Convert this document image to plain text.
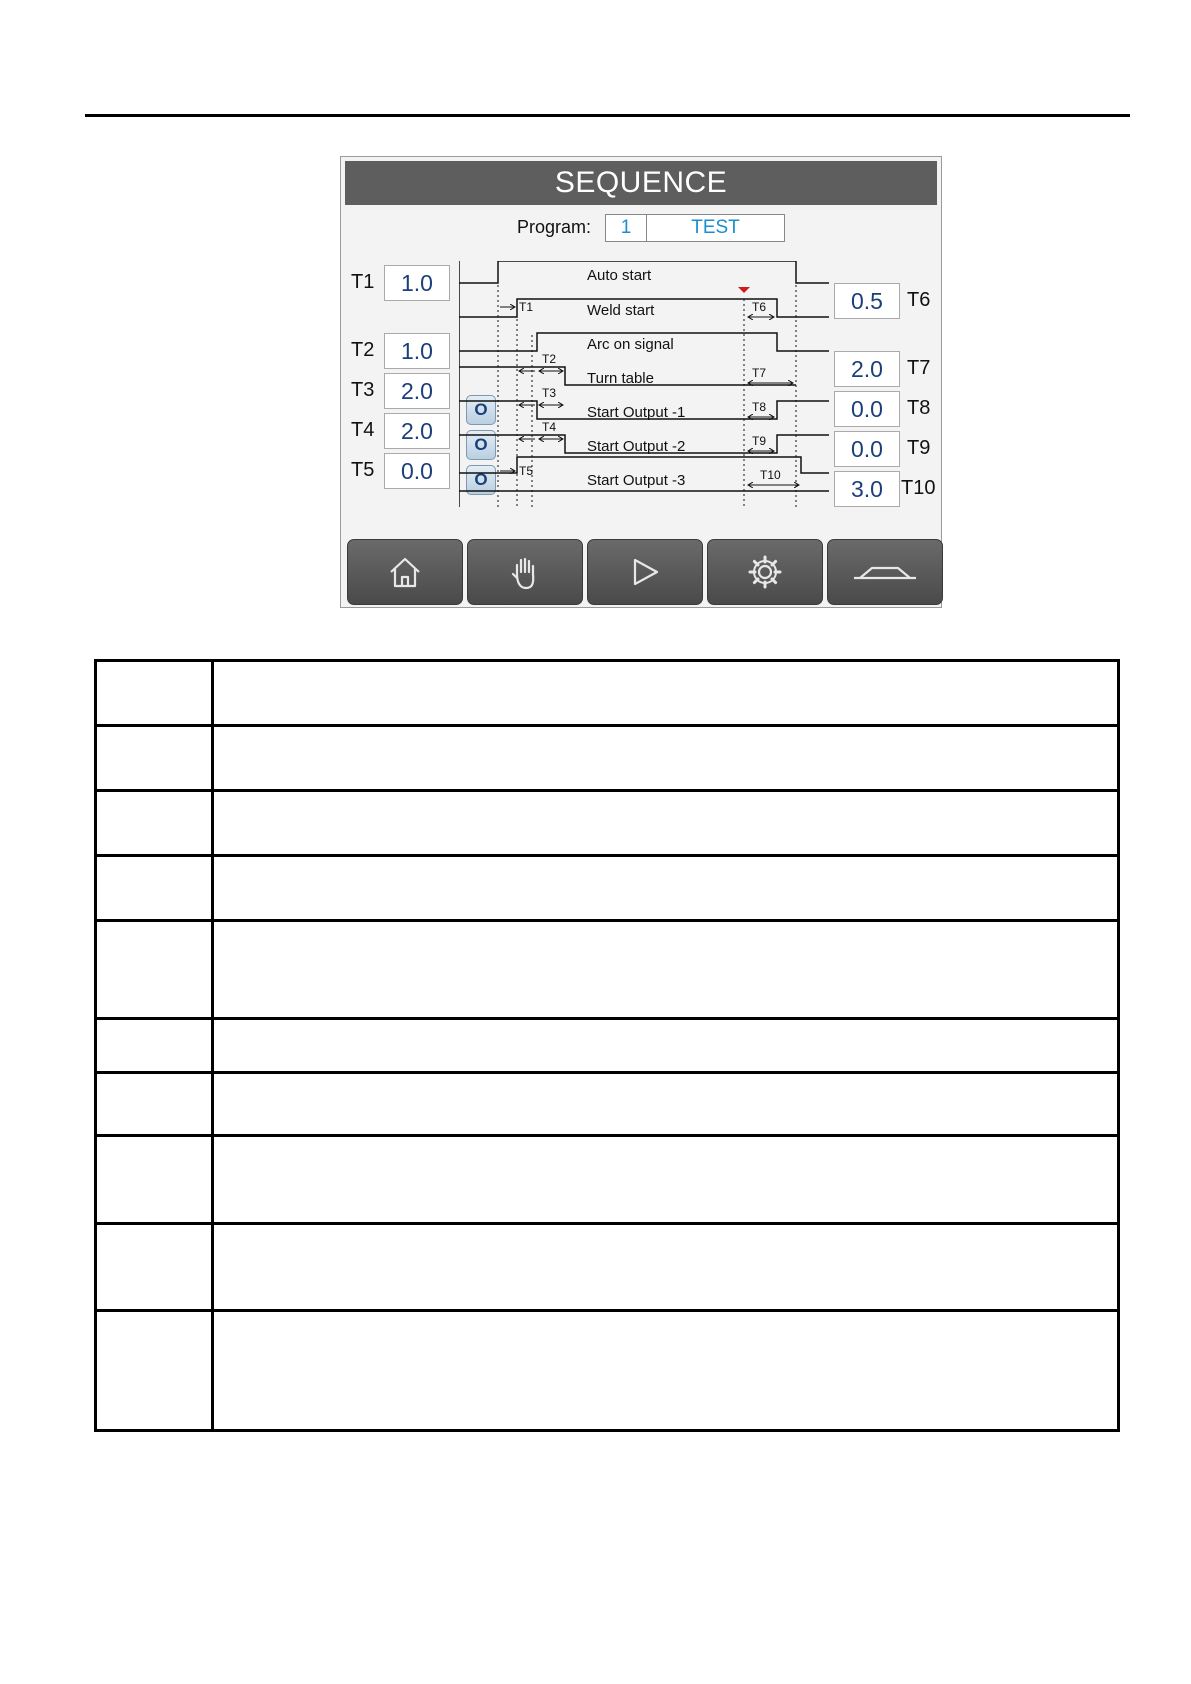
SEQUENCE
Program:	1	TEST
T1	1.0
T2	1.0
T3	2.0
T4	2.0
T5	0.0
O
O
O
0.5	T6
2.0	T7
0.0	T8
0.0	T9
3.0 T10
Auto start
Weld start
Arc on signal
Turn table
Start Output -1
Start Output -2
Start Output -3
T1
T2
T3
T4
T5
T6
T7
T8
T9
T10
